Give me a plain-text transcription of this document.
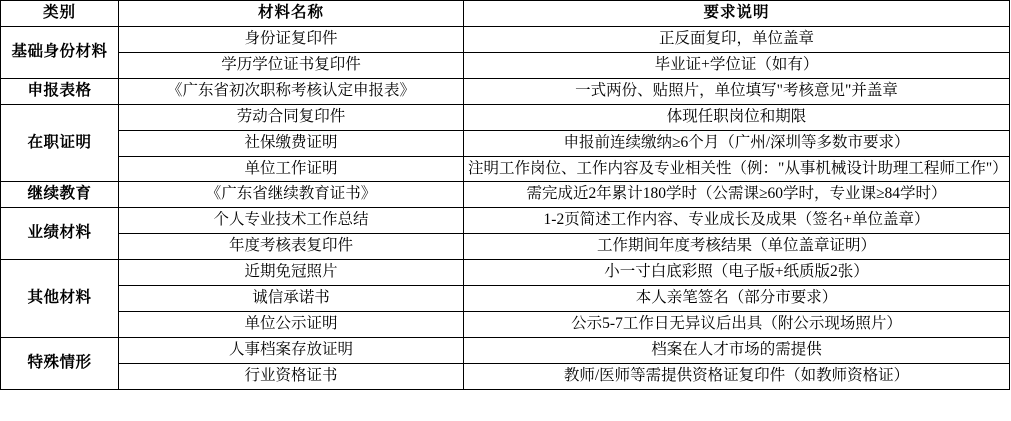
类别	材料名称	要求说明
基础身份材料	身份证复印件	正反面复印，单位盖章
	学历学位证书复印件	毕业证+学位证（如有）
申报表格	《广东省初次职称考核认定申报表》	一式两份、贴照片，单位填写"考核意见"并盖章
在职证明	劳动合同复印件	体现任职岗位和期限
	社保缴费证明	申报前连续缴纳≥6个月（广州/深圳等多数市要求）
	单位工作证明	注明工作岗位、工作内容及专业相关性（例："从事机械设计助理工程师工作"）
继续教育	《广东省继续教育证书》	需完成近2年累计180学时（公需课≥60学时，专业课≥84学时）
业绩材料	个人专业技术工作总结	1-2页简述工作内容、专业成长及成果（签名+单位盖章）
	年度考核表复印件	工作期间年度考核结果（单位盖章证明）
其他材料	近期免冠照片	小一寸白底彩照（电子版+纸质版2张）
	诚信承诺书	本人亲笔签名（部分市要求）
	单位公示证明	公示5-7工作日无异议后出具（附公示现场照片）
特殊情形	人事档案存放证明	档案在人才市场的需提供
	行业资格证书	教师/医师等需提供资格证复印件（如教师资格证）
